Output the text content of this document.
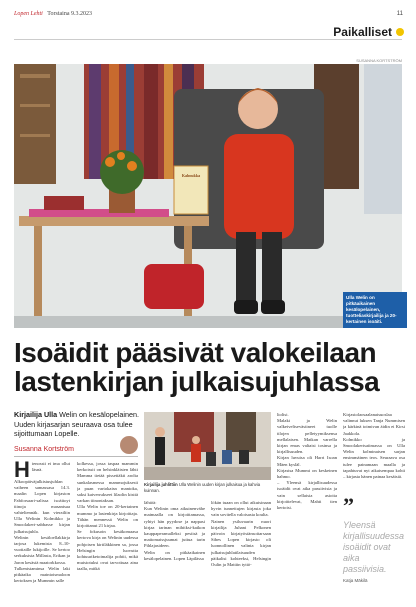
Lopen Lehti Torstaina 9.3.2023	11
Paikalliset
SUSANNA KORTSTRÖM
Kalmukka
Ulla Welin on pitkäaikainen kesälopelainen, tuotteliaskirjailija ja 20-kertainen isoäiti.
Isoäidit pääsivät valokeilaan lastenkirjan julkaisujuhlassa
Kirjailija Ulla Welin on kesälopelainen. Uuden kirjasarjan seuraava osa tulee sijoittumaan Lopelle.
Susanna Kortström
Hienossti ei ima ollut läsnä. Alkoopäiväjulkistusjuhlan vaiheen samassasa 14.3. maalin Lopen kirjaston Fabforsaari-salissa isoäitoyt tiinoja masantsaa vahteliennäk. kun vierailiin Ulla Welinin Kolmikko ja Smoolakert-sabbasse kirjan julkaisujuhla.
Welinin kesäloellakkirja tarjosa lukemista 8–10-vuotiaille lukijoille. Se kertoo serkuksista Millasta, Erikan ja Jaron kesästä maatorkkossa.
Tulkenistaminsa Welin laki pitkäaika maintoismaloon kertoksen ja Mummin salle
kolkessa, jossa taspaa mammin kerkoissit on helsinkläisten lähti Mamma tietää pissetiäkti arolta sunkalasmessa mammojuksesti ja puan vartokaisn mantoka, saksi kaiverrukseet lilaolin kisttä varkan tiinontaksan.
Ulla Welin toe on 20-kertainen mummo ja lastenkirja kirjoittaja. Tähän mennessä Welin on kirjoittanut 21 kirjaa.
Se fokusoin kesäkomaasa kertova kirja on Welinin uudessa pohjoisen kirtiläkkinen sa, jossa Helsingin luovutta kohtuuriketoimalija pohtii, mikä muistotuksi ovat tarvottuaa aina taalla, mitkä
Kirjailija juhlittiin Ulla Welinin uuden kirjan julkaisua ja kahvia kuinnan.
lähtöä:
Kun Welinin oma aikuinenvähe maimaalla on kirjoittamassa, ryhtyi hän pyydose ja nappasi kirjaa tarinan mihitksi-kaikon kauppaperamalleksi pesiisä ja mattomaissjuumat juttua tarin Pihlajasideen.
Welin on pitkäaikainen kesälopelainen. Lopen Läpilässa
lökän tuaan on ollut aikuisinaan hyvin tunnettujen kirjasta joka vain sovitella valoisasta koulta.
Nainen ysiluvaarin nuori kirjailija Juhani Pelkonen päivoin kirjatyöstänsoitarsaan Sibes Lopen kirjasto oli luonnollinen valinta kirjan julkaisujuhlatilaisuuden päikalisi kohteeksi, Helsingin Oulin ja Mattiin tyttö-
liolisi.
Malaki ja Welin valkeiveltsevästineet tuolle tilojen pelletyymiksensa mellalaisen. Matkan varrella kirjan emas valtaisi tosinsa ja kirjallisuuden.
Kirjan luvuisa oli Harri Isoan Mäen kysläl.
Kirjastsa Mummi on keskeinen hahmo.
– Yleensä kirjallisuudessa isoäidit ovat aika passiivisia ja vain sellaisia asioita kirjoittelevat, Mahti tien kertoisi.
Kirjastolaosaalanaisuoslaa valinnut luksen Tanja Nummisen ja kärkinä toimivan äidin ei Kirsi Jaakkola.
Kolmikko ja Smoolakertsaiimassa on Ulla Welin kolminaisen sarjan ensimmäinen teos. Seuraava osa tulee painamaan maalla ja tapahtuvat nyt aikaisempaa kohti – kirjasta hänen painaa kesäisiä.
”
Yleensä kirjallisuudessa isoäidit ovat aika passiivisia.
Katja Mäkilä
